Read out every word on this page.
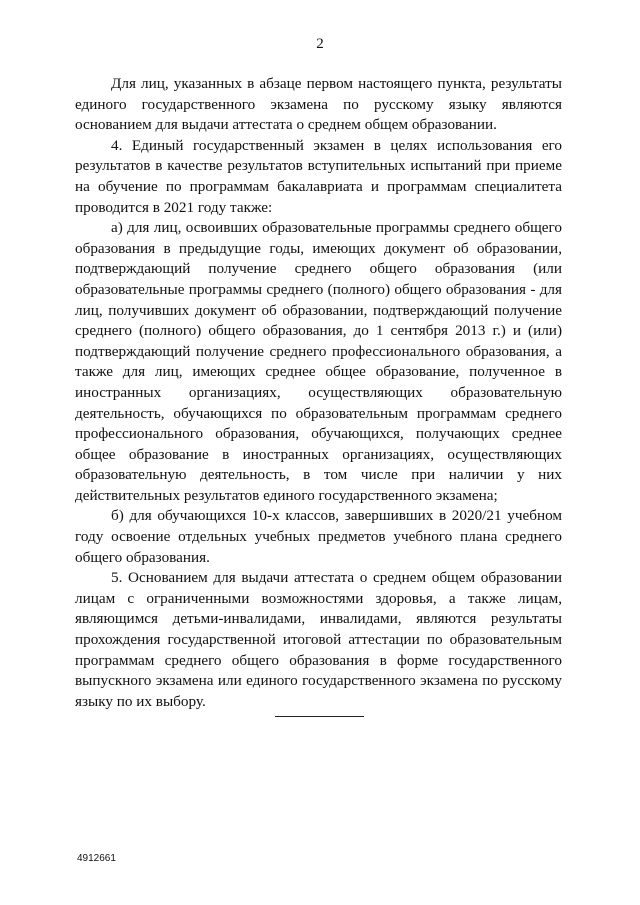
2

Для лиц, указанных в абзаце первом настоящего пункта, результаты единого государственного экзамена по русскому языку являются основанием для выдачи аттестата о среднем общем образовании.

4. Единый государственный экзамен в целях использования его результатов в качестве результатов вступительных испытаний при приеме на обучение по программам бакалавриата и программам специалитета проводится в 2021 году также:

а) для лиц, освоивших образовательные программы среднего общего образования в предыдущие годы, имеющих документ об образовании, подтверждающий получение среднего общего образования (или образовательные программы среднего (полного) общего образования - для лиц, получивших документ об образовании, подтверждающий получение среднего (полного) общего образования, до 1 сентября 2013 г.) и (или) подтверждающий получение среднего профессионального образования, а также для лиц, имеющих среднее общее образование, полученное в иностранных организациях, осуществляющих образовательную деятельность, обучающихся по образовательным программам среднего профессионального образования, обучающихся, получающих среднее общее образование в иностранных организациях, осуществляющих образовательную деятельность, в том числе при наличии у них действительных результатов единого государственного экзамена;

б) для обучающихся 10-х классов, завершивших в 2020/21 учебном году освоение отдельных учебных предметов учебного плана среднего общего образования.

5. Основанием для выдачи аттестата о среднем общем образовании лицам с ограниченными возможностями здоровья, а также лицам, являющимся детьми-инвалидами, инвалидами, являются результаты прохождения государственной итоговой аттестации по образовательным программам среднего общего образования в форме государственного выпускного экзамена или единого государственного экзамена по русскому языку по их выбору.

4912661
